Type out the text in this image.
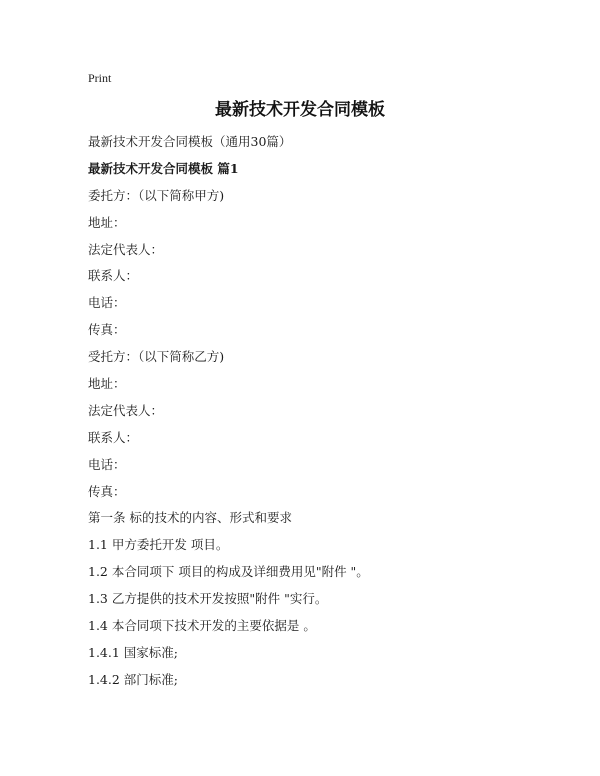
Print
最新技术开发合同模板
最新技术开发合同模板（通用30篇）
最新技术开发合同模板 篇1
委托方：（以下简称甲方)
地址：
法定代表人：
联系人：
电话：
传真：
受托方：（以下简称乙方)
地址：
法定代表人：
联系人：
电话：
传真：
第一条 标的技术的内容、形式和要求
1.1 甲方委托开发 项目。
1.2 本合同项下 项目的构成及详细费用见"附件 "。
1.3 乙方提供的技术开发按照"附件 "实行。
1.4 本合同项下技术开发的主要依据是 。
1.4.1 国家标准;
1.4.2 部门标准;
